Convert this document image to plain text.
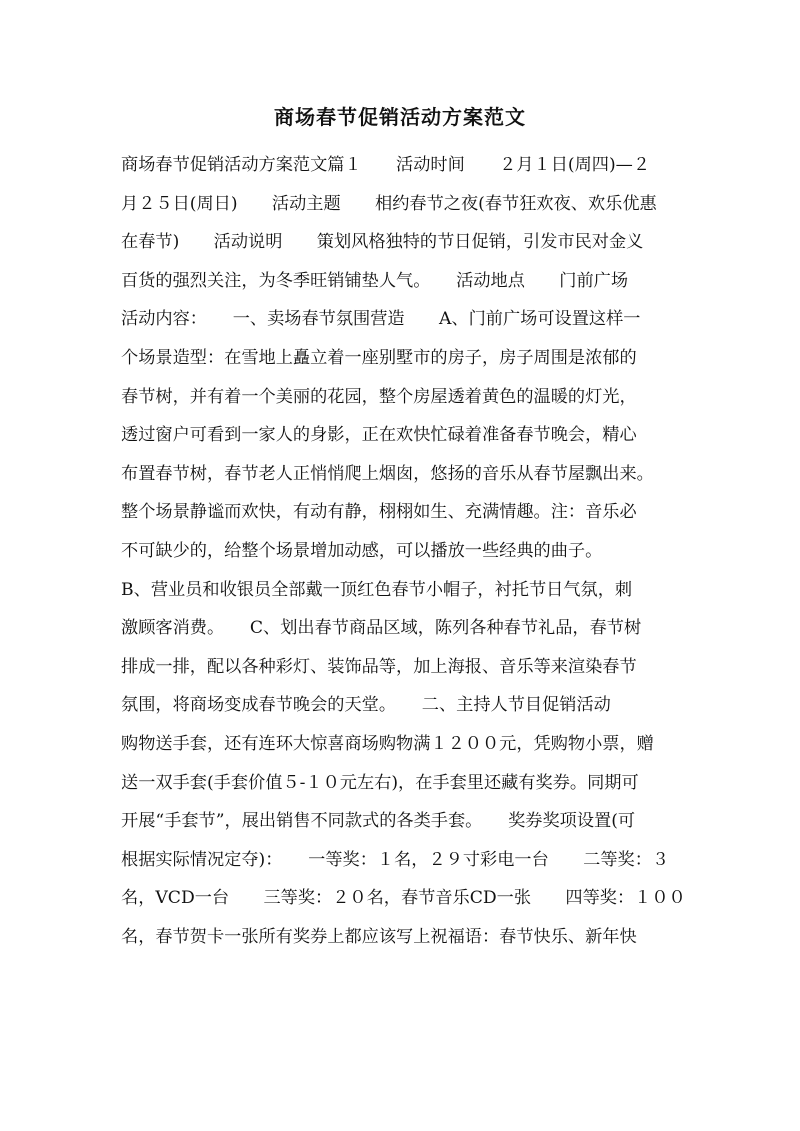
商场春节促销活动方案范文
商场春节促销活动方案范文篇１　　活动时间　　２月１日(周四)—２
月２５日(周日)　　活动主题　　相约春节之夜(春节狂欢夜、欢乐优惠
在春节)　　活动说明　　策划风格独特的节日促销，引发市民对金义
百货的强烈关注，为冬季旺销铺垫人气。　　活动地点　　门前广场
活动内容：　　一、卖场春节氛围营造　　A、门前广场可设置这样一
个场景造型：在雪地上矗立着一座别墅市的房子，房子周围是浓郁的
春节树，并有着一个美丽的花园，整个房屋透着黄色的温暖的灯光，
透过窗户可看到一家人的身影，正在欢快忙碌着准备春节晚会，精心
布置春节树，春节老人正悄悄爬上烟囱，悠扬的音乐从春节屋飘出来。
整个场景静谧而欢快，有动有静，栩栩如生、充满情趣。注：音乐必
不可缺少的，给整个场景增加动感，可以播放一些经典的曲子。
B、营业员和收银员全部戴一顶红色春节小帽子，衬托节日气氛，刺
激顾客消费。　　C、划出春节商品区域，陈列各种春节礼品，春节树
排成一排，配以各种彩灯、装饰品等，加上海报、音乐等来渲染春节
氛围，将商场变成春节晚会的天堂。　　二、主持人节目促销活动
购物送手套，还有连环大惊喜商场购物满１２００元，凭购物小票，赠
送一双手套(手套价值５-１０元左右)，在手套里还藏有奖券。同期可
开展“手套节”，展出销售不同款式的各类手套。　　奖券奖项设置(可
根据实际情况定夺)：　　一等奖：１名，２９寸彩电一台　　二等奖：３
名，VCD一台　　三等奖：２０名，春节音乐CD一张　　四等奖：１００
名，春节贺卡一张所有奖券上都应该写上祝福语：春节快乐、新年快
